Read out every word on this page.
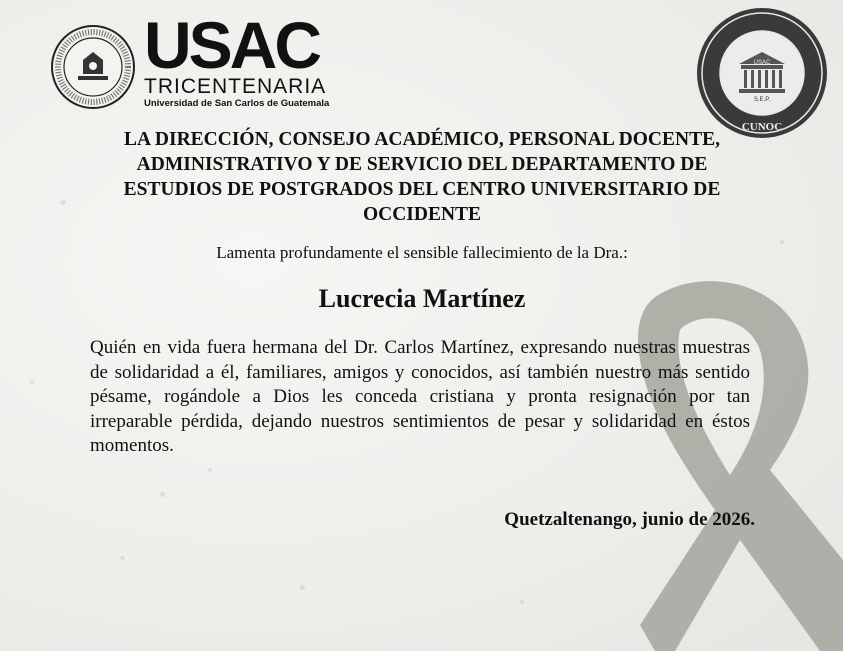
USAC
TRICENTENARIA
Universidad de San Carlos de Guatemala
USAC
S.E.P.
CUNOC
LA DIRECCIÓN, CONSEJO ACADÉMICO, PERSONAL DOCENTE, ADMINISTRATIVO Y DE SERVICIO DEL DEPARTAMENTO DE ESTUDIOS DE POSTGRADOS DEL CENTRO UNIVERSITARIO DE OCCIDENTE

Lamenta profundamente el sensible fallecimiento de la Dra.:

Lucrecia Martínez

Quién en vida fuera hermana del Dr. Carlos Martínez, expresando nuestras muestras de solidaridad a él, familiares, amigos y conocidos, así también nuestro más sentido pésame, rogándole a Dios les conceda cristiana y pronta resignación por tan irreparable pérdida, dejando nuestros sentimientos de pesar y solidaridad en éstos momentos.

Quetzaltenango, junio de 2026.
